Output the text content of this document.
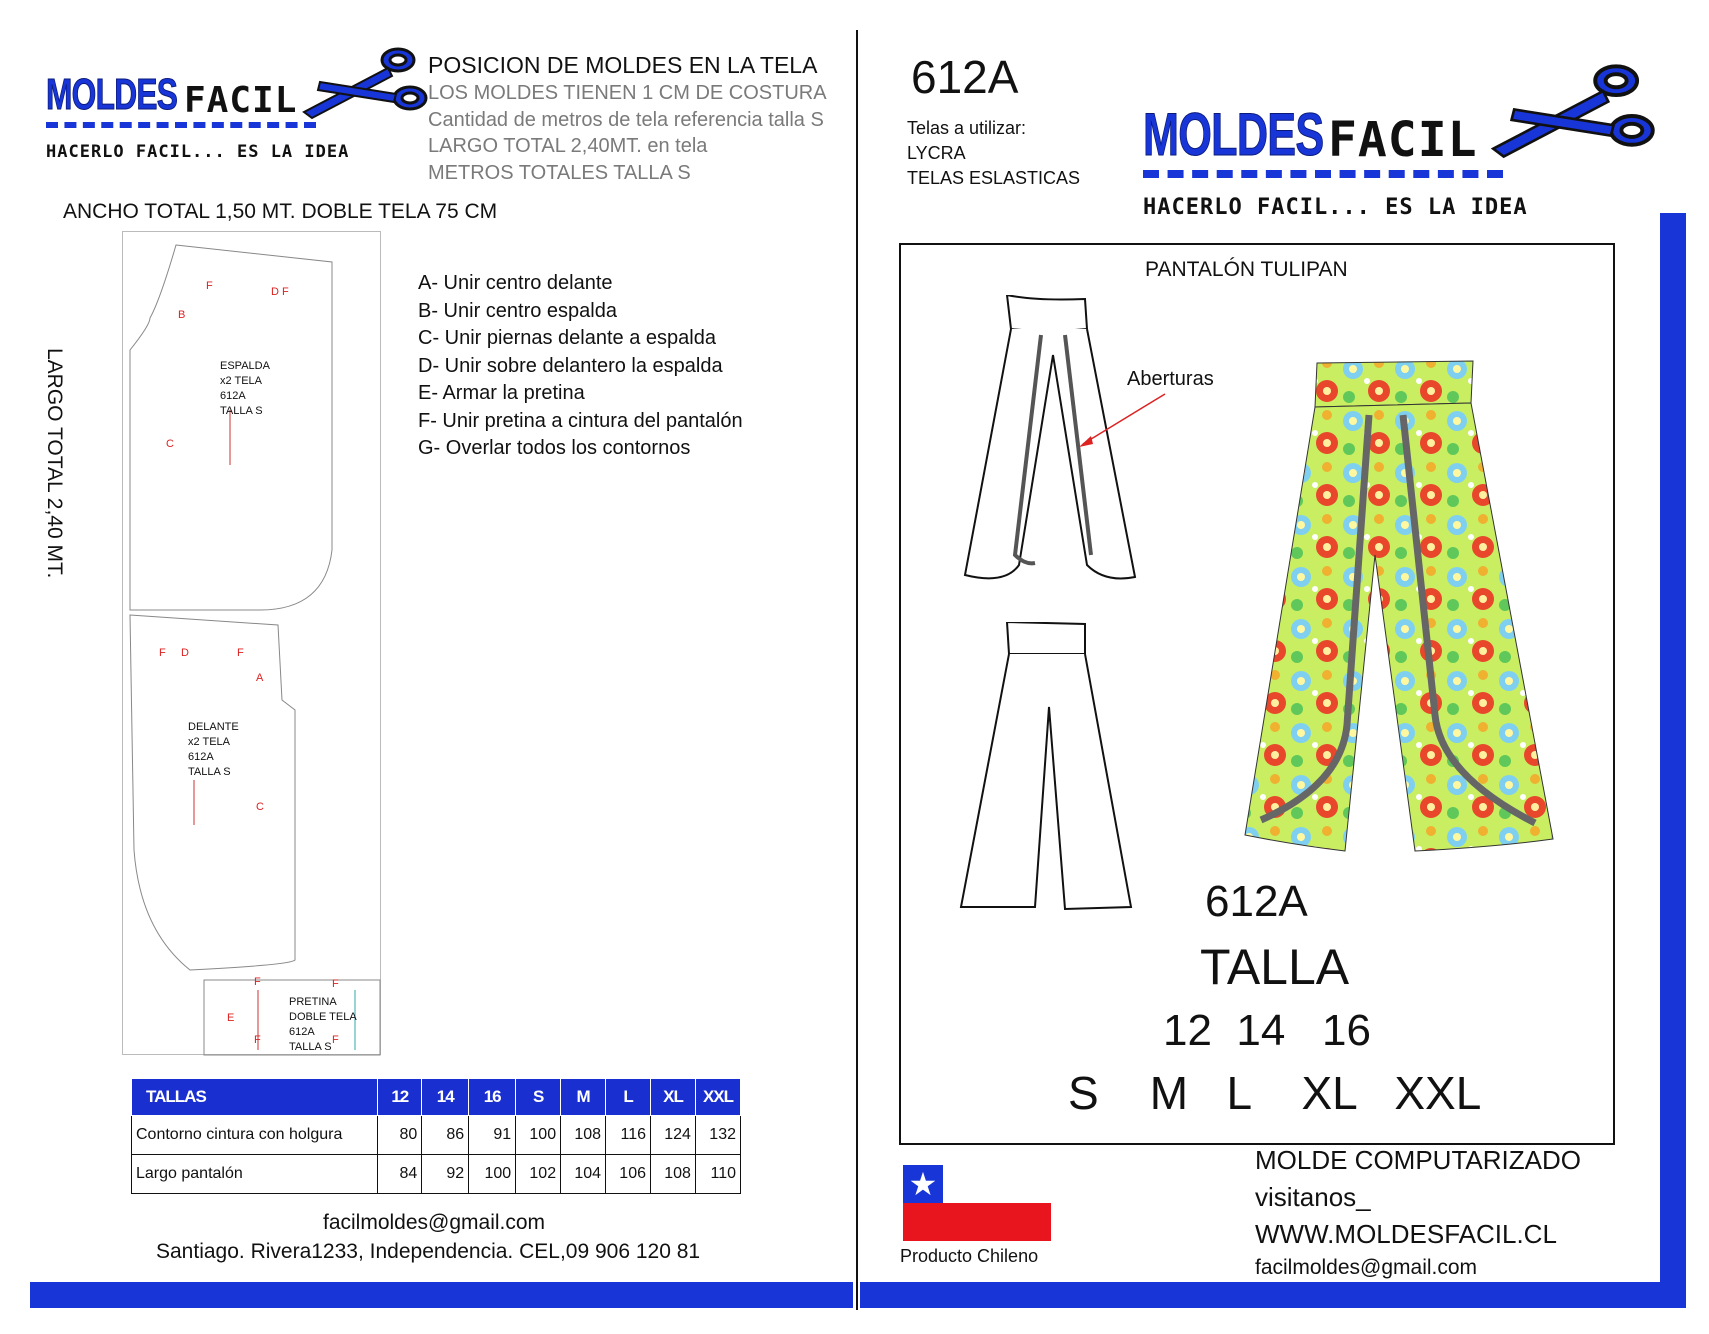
MOLDES FACIL
HACERLO FACIL... ES LA IDEA
POSICION DE MOLDES EN LA TELA
LOS MOLDES TIENEN 1 CM DE COSTURA
Cantidad de metros de tela referencia talla S
LARGO TOTAL 2,40MT. en tela
METROS TOTALES TALLA S
ANCHO TOTAL 1,50 MT. DOBLE TELA 75 CM
LARGO TOTAL 2,40 MT.	ESPALDA
x2 TELA
612A
TALLA S
DELANTE
x2 TELA
612A
TALLA S
PRETINA
DOBLE TELA
612A
TALLA S
F	D F
B
C
F D	F
A
C
F	F
E
F	F
A- Unir centro delante
B- Unir centro espalda
C- Unir piernas delante a espalda
D- Unir sobre delantero la espalda
E- Armar la pretina
F- Unir pretina a cintura del pantalón
G- Overlar todos los contornos
TALLAS	12	14	16	S	M	L	XL	XXL
Contorno cintura con holgura	80	86	91	100	108	116	124	132
Largo pantalón	84	92	100	102	104	106	108	110
facilmoldes@gmail.com
Santiago. Rivera1233, Independencia. CEL,09 906 120 81
612A
Telas a utilizar:
LYCRA
TELAS ESLASTICAS
MOLDES FACIL
HACERLO FACIL... ES LA IDEA
PANTALÓN TULIPAN
Aberturas
612A
TALLA
12  14   16
S    M   L    XL   XXL
★
Producto Chileno
MOLDE COMPUTARIZADO
visitanos_
WWW.MOLDESFACIL.CL
facilmoldes@gmail.com
